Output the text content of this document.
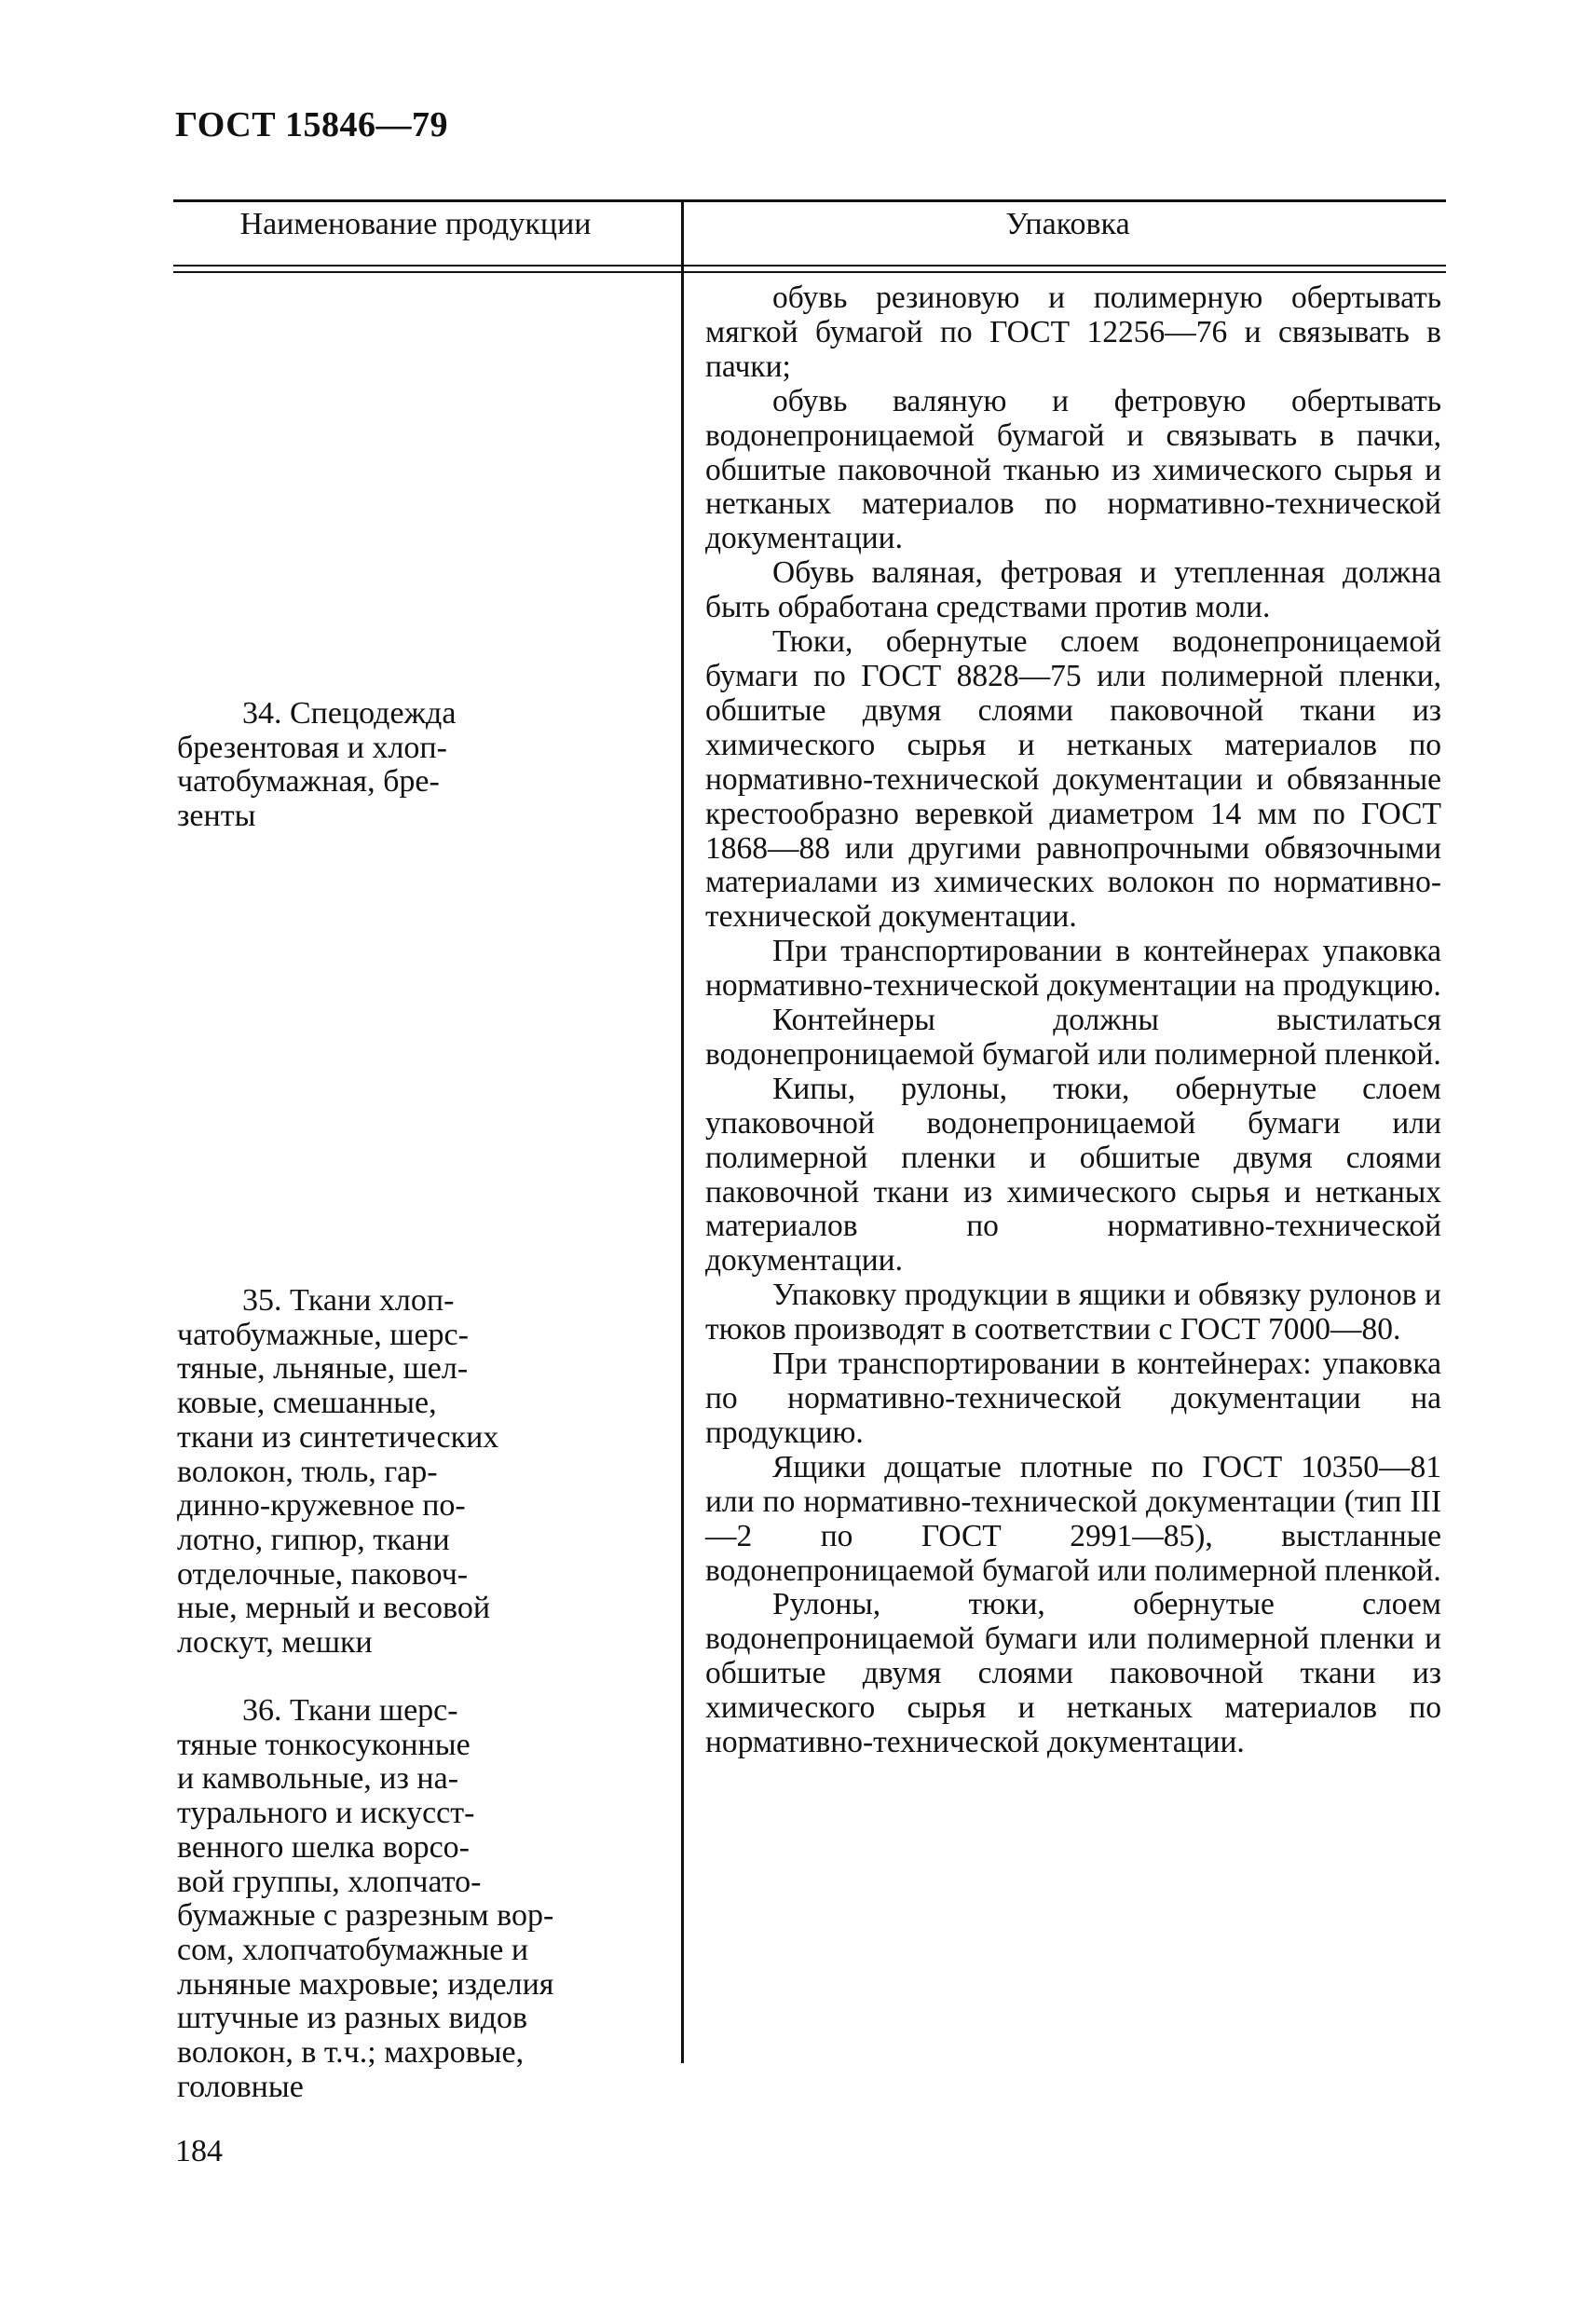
ГОСТ 15846—79
Наименование продукции	Упаковка

34. Спецодежда

брезентовая и хлоп-

чатобумажная, бре-

зенты

35. Ткани хлоп-

чатобумажные, шерс-

тяные, льняные, шел-

ковые, смешанные,

ткани из синтетических

волокон, тюль, гар-

динно-кружевное по-

лотно, гипюр, ткани

отделочные, паковоч-

ные, мерный и весовой

лоскут, мешки

36. Ткани шерс-

тяные тонкосуконные

и камвольные, из на-

турального и искусст-

венного шелка ворсо-

вой группы, хлопчато-

бумажные с разрезным вор-

сом, хлопчатобумажные и

льняные махровые; изделия

штучные из разных видов

волокон, в т.ч.; махровые,

головные

обувь резиновую и полимерную обертывать мягкой бумагой по ГОСТ 12256—76 и связывать в пачки;

обувь валяную и фетровую обертывать водонепроницаемой бумагой и связывать в пачки, обшитые паковочной тканью из химического сырья и нетканых материалов по нормативно-технической документации.

Обувь валяная, фетровая и утепленная должна быть обработана средствами против моли.

Тюки, обернутые слоем водонепроницаемой бумаги по ГОСТ 8828—75 или полимерной пленки, обшитые двумя слоями паковочной ткани из химического сырья и нетканых материалов по нормативно-технической документации и обвязанные крестообразно веревкой диаметром 14 мм по ГОСТ 1868—88 или другими равнопрочными обвязочными материалами из химических волокон по нормативно-технической документации.

При транспортировании в контейнерах упаковка нормативно-технической документации на продукцию.

Контейнеры должны выстилаться водонепроницаемой бумагой или полимерной пленкой.

Кипы, рулоны, тюки, обернутые слоем упаковочной водонепроницаемой бумаги или полимерной пленки и обшитые двумя слоями паковочной ткани из химического сырья и нетканых материалов по нормативно-технической документации.

Упаковку продукции в ящики и обвязку рулонов и тюков производят в соответствии с ГОСТ 7000—80.

При транспортировании в контейнерах: упаковка по нормативно-технической документации на продукцию.

Ящики дощатые плотные по ГОСТ 10350—81 или по нормативно-технической документации (тип III—2 по ГОСТ 2991—85), выстланные водонепроницаемой бумагой или полимерной пленкой.

Рулоны, тюки, обернутые слоем водонепроницаемой бумаги или полимерной пленки и обшитые двумя слоями паковочной ткани из химического сырья и нетканых материалов по нормативно-технической документации.

184
